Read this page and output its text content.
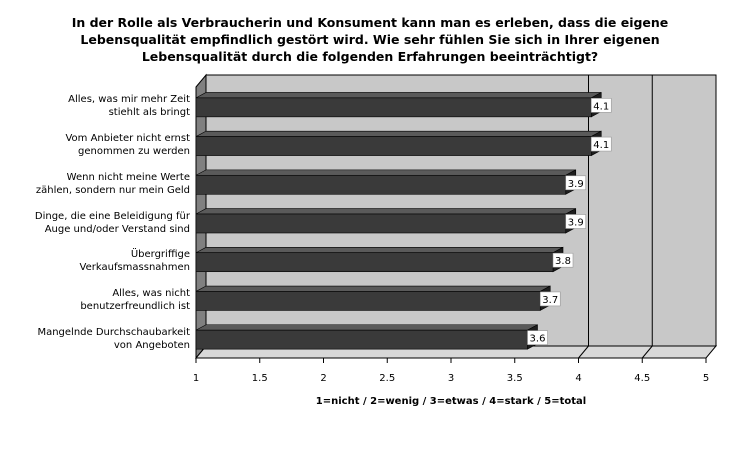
In der Rolle als Verbraucherin und Konsument kann man es erleben, dass die eigene
Lebensqualität empfindlich gestört wird. Wie sehr fühlen Sie sich in Ihrer eigenen
Lebensqualität durch die folgenden Erfahrungen beeinträchtigt?
4.1
4.1
3.9
3.9
3.8
3.7
3.6
Alles, was mir mehr Zeit
stiehlt als bringt
Vom Anbieter nicht ernst
genommen zu werden
Wenn nicht meine Werte
zählen, sondern nur mein Geld
Dinge, die eine Beleidigung für
Auge und/oder Verstand sind
Übergriffige
Verkaufsmassnahmen
Alles, was nicht
benutzerfreundlich ist
Mangelnde Durchschaubarkeit
von Angeboten
1	1.5	2	2.5	3	3.5	4	4.5	5
1=nicht / 2=wenig / 3=etwas / 4=stark / 5=total
